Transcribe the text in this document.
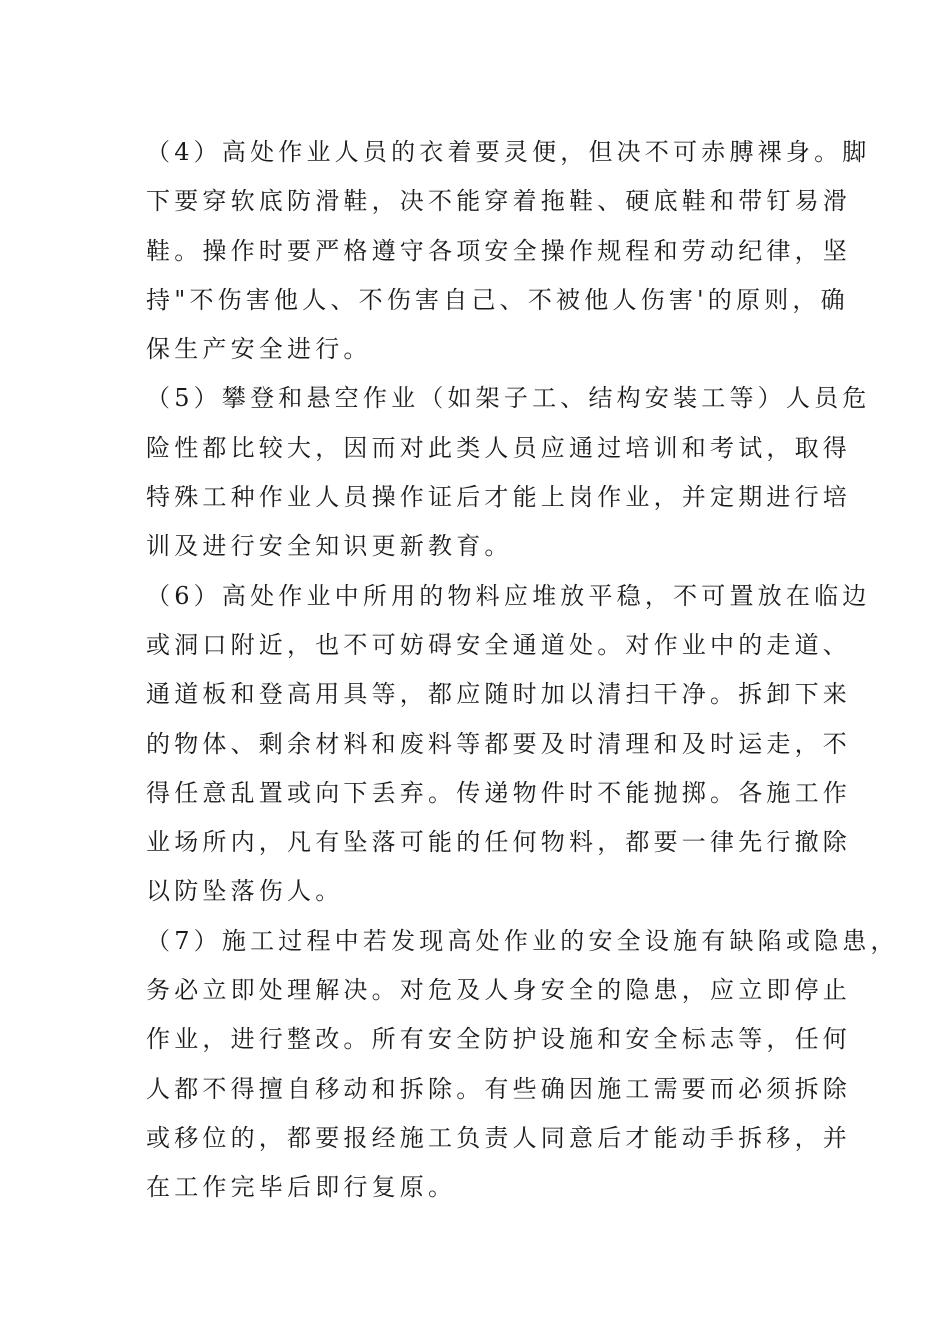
（4）高处作业人员的衣着要灵便，但决不可赤膊裸身。脚
下要穿软底防滑鞋，决不能穿着拖鞋、硬底鞋和带钉易滑
鞋。操作时要严格遵守各项安全操作规程和劳动纪律，坚
持"不伤害他人、不伤害自己、不被他人伤害'的原则，确
保生产安全进行。
（5）攀登和悬空作业（如架子工、结构安装工等）人员危
险性都比较大，因而对此类人员应通过培训和考试，取得
特殊工种作业人员操作证后才能上岗作业，并定期进行培
训及进行安全知识更新教育。
（6）高处作业中所用的物料应堆放平稳，不可置放在临边
或洞口附近，也不可妨碍安全通道处。对作业中的走道、
通道板和登高用具等，都应随时加以清扫干净。拆卸下来
的物体、剩余材料和废料等都要及时清理和及时运走，不
得任意乱置或向下丢弃。传递物件时不能抛掷。各施工作
业场所内，凡有坠落可能的任何物料，都要一律先行撤除
以防坠落伤人。
（7）施工过程中若发现高处作业的安全设施有缺陷或隐患，
务必立即处理解决。对危及人身安全的隐患，应立即停止
作业，进行整改。所有安全防护设施和安全标志等，任何
人都不得擅自移动和拆除。有些确因施工需要而必须拆除
或移位的，都要报经施工负责人同意后才能动手拆移，并
在工作完毕后即行复原。
